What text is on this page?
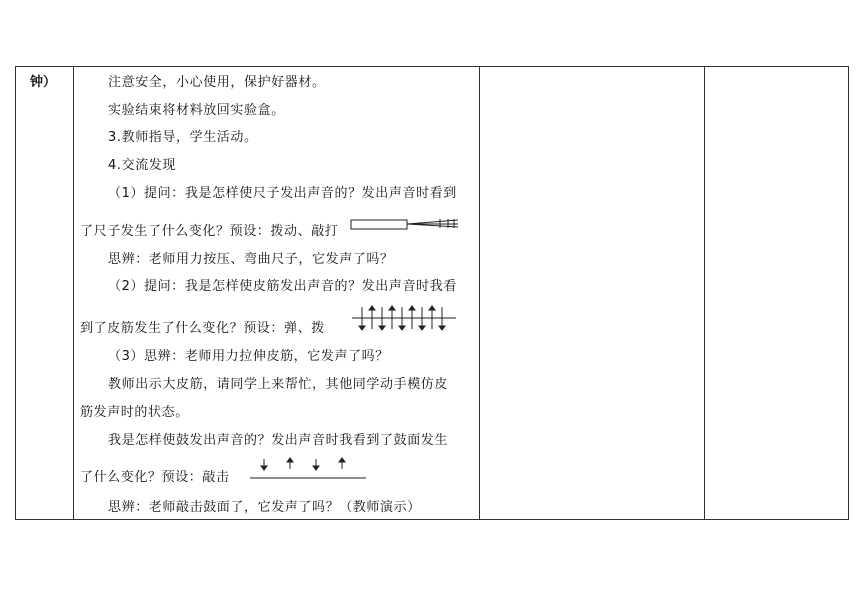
钟）	注意安全，小心使用，保护好器材。
实验结束将材料放回实验盒。
3.教师指导，学生活动。
4.交流发现
（1）提问：我是怎样使尺子发出声音的？发出声音时看到
了尺子发生了什么变化？预设：拨动、敲打
思辨：老师用力按压、弯曲尺子，它发声了吗？
（2）提问：我是怎样使皮筋发出声音的？发出声音时我看
到了皮筋发生了什么变化？预设：弹、拨
（3）思辨：老师用力拉伸皮筋，它发声了吗？
教师出示大皮筋，请同学上来帮忙，其他同学动手模仿皮
筋发声时的状态。
我是怎样使鼓发出声音的？发出声音时我看到了鼓面发生
了什么变化？预设：敲击
思辨：老师敲击鼓面了，它发声了吗？（教师演示）
